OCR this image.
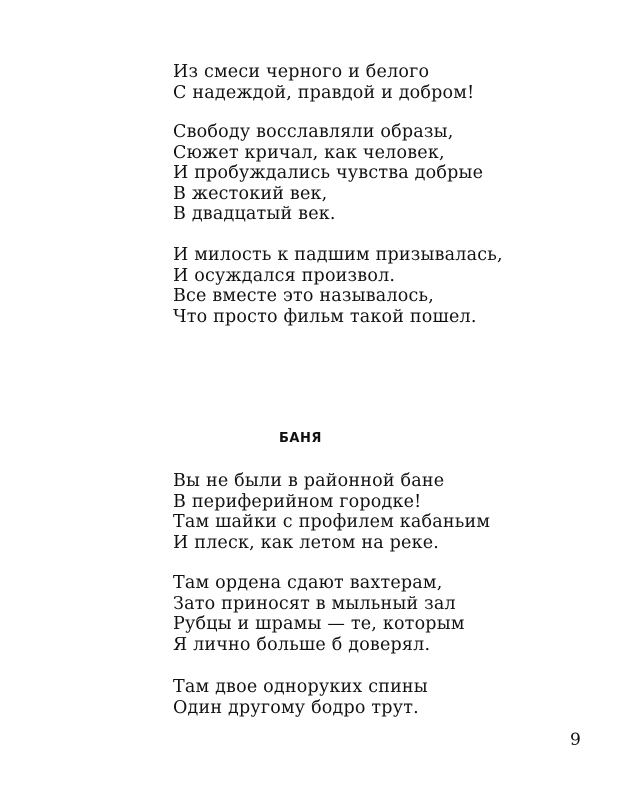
Из смеси черного и белого
С надеждой, правдой и добром!
Свободу восславляли образы,
Сюжет кричал, как человек,
И пробуждались чувства добрые
В жестокий век,
В двадцатый век.
И милость к падшим призывалась,
И осуждался произвол.
Все вместе это называлось,
Что просто фильм такой пошел.
БАНЯ
Вы не были в районной бане
В периферийном городке!
Там шайки с профилем кабаньим
И плеск, как летом на реке.
Там ордена сдают вахтерам,
Зато приносят в мыльный зал
Рубцы и шрамы — те, которым
Я лично больше б доверял.
Там двое одноруких спины
Один другому бодро трут.
9
